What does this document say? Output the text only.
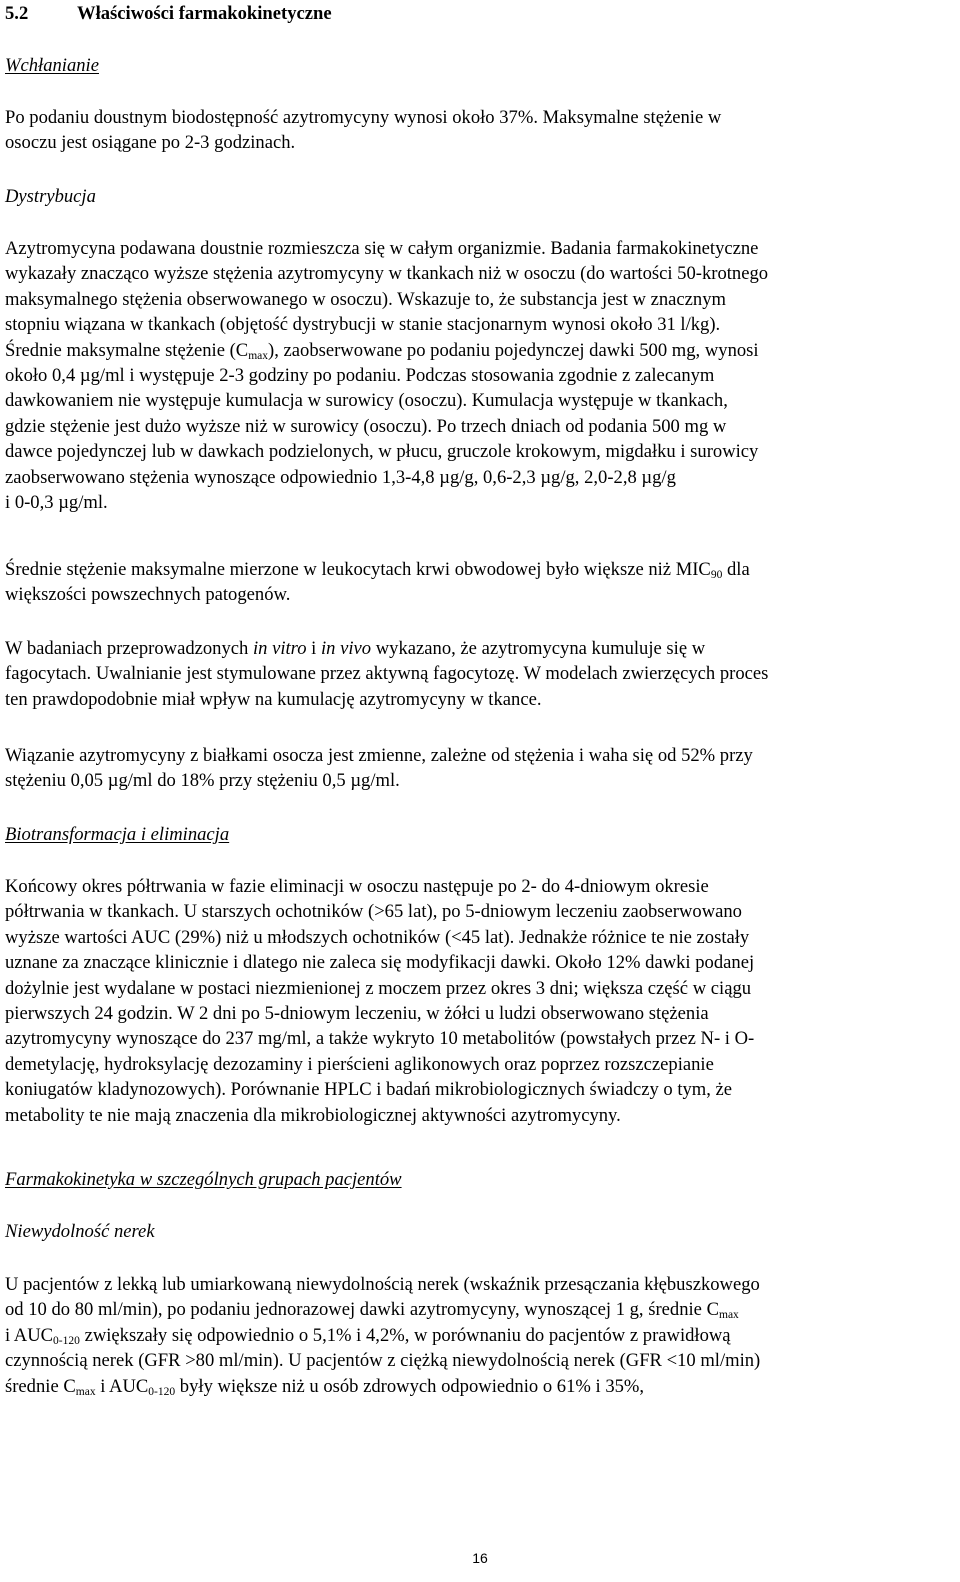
5.2	Właściwości farmakokinetyczne

Wchłanianie

Po podaniu doustnym biodostępność azytromycyny wynosi około 37%. Maksymalne stężenie w
osoczu jest osiągane po 2-3 godzinach.

Dystrybucja

Azytromycyna podawana doustnie rozmieszcza się w całym organizmie. Badania farmakokinetyczne
wykazały znacząco wyższe stężenia azytromycyny w tkankach niż w osoczu (do wartości 50-krotnego
maksymalnego stężenia obserwowanego w osoczu). Wskazuje to, że substancja jest w znacznym
stopniu wiązana w tkankach (objętość dystrybucji w stanie stacjonarnym wynosi około 31 l/kg).
Średnie maksymalne stężenie $(C_{max})$, zaobserwowane po podaniu pojedynczej dawki 500 mg, wynosi
około 0,4 µg/ml i występuje 2-3 godziny po podaniu. Podczas stosowania zgodnie z zalecanym
dawkowaniem nie występuje kumulacja w surowicy (osoczu). Kumulacja występuje w tkankach,
gdzie stężenie jest dużo wyższe niż w surowicy (osoczu). Po trzech dniach od podania 500 mg w
dawce pojedynczej lub w dawkach podzielonych, w płucu, gruczole krokowym, migdałku i surowicy
zaobserwowano stężenia wynoszące odpowiednio 1,3-4,8 µg/g, 0,6-2,3 µg/g, 2,0-2,8 µg/g
i 0-0,3 µg/ml.

Średnie stężenie maksymalne mierzone w leukocytach krwi obwodowej było większe niż $MIC_{90}$ dla
większości powszechnych patogenów.

W badaniach przeprowadzonych in vitro i in vivo wykazano, że azytromycyna kumuluje się w
fagocytach. Uwalnianie jest stymulowane przez aktywną fagocytozę. W modelach zwierzęcych proces
ten prawdopodobnie miał wpływ na kumulację azytromycyny w tkance.

Wiązanie azytromycyny z białkami osocza jest zmienne, zależne od stężenia i waha się od 52% przy
stężeniu 0,05 µg/ml do 18% przy stężeniu 0,5 µg/ml.

Biotransformacja i eliminacja

Końcowy okres półtrwania w fazie eliminacji w osoczu następuje po 2- do 4-dniowym okresie
półtrwania w tkankach. U starszych ochotników (>65 lat), po 5-dniowym leczeniu zaobserwowano
wyższe wartości AUC (29%) niż u młodszych ochotników (<45 lat). Jednakże różnice te nie zostały
uznane za znaczące klinicznie i dlatego nie zaleca się modyfikacji dawki. Około 12% dawki podanej
dożylnie jest wydalane w postaci niezmienionej z moczem przez okres 3 dni; większa część w ciągu
pierwszych 24 godzin. W 2 dni po 5-dniowym leczeniu, w żółci u ludzi obserwowano stężenia
azytromycyny wynoszące do 237 mg/ml, a także wykryto 10 metabolitów (powstałych przez N- i O-
demetylację, hydroksylację dezozaminy i pierścieni aglikonowych oraz poprzez rozszczepianie
koniugatów kladynozowych). Porównanie HPLC i badań mikrobiologicznych świadczy o tym, że
metabolity te nie mają znaczenia dla mikrobiologicznej aktywności azytromycyny.

Farmakokinetyka w szczególnych grupach pacjentów

Niewydolność nerek

U pacjentów z lekką lub umiarkowaną niewydolnością nerek (wskaźnik przesączania kłębuszkowego
od 10 do 80 ml/min), po podaniu jednorazowej dawki azytromycyny, wynoszącej 1 g, średnie $C_{max}$
i $AUC_{0-120}$ zwiększały się odpowiednio o 5,1% i 4,2%, w porównaniu do pacjentów z prawidłową
czynnością nerek (GFR >80 ml/min). U pacjentów z ciężką niewydolnością nerek (GFR <10 ml/min)
średnie $C_{max}$ i $AUC_{0-120}$ były większe niż u osób zdrowych odpowiednio o 61% i 35%,

16
